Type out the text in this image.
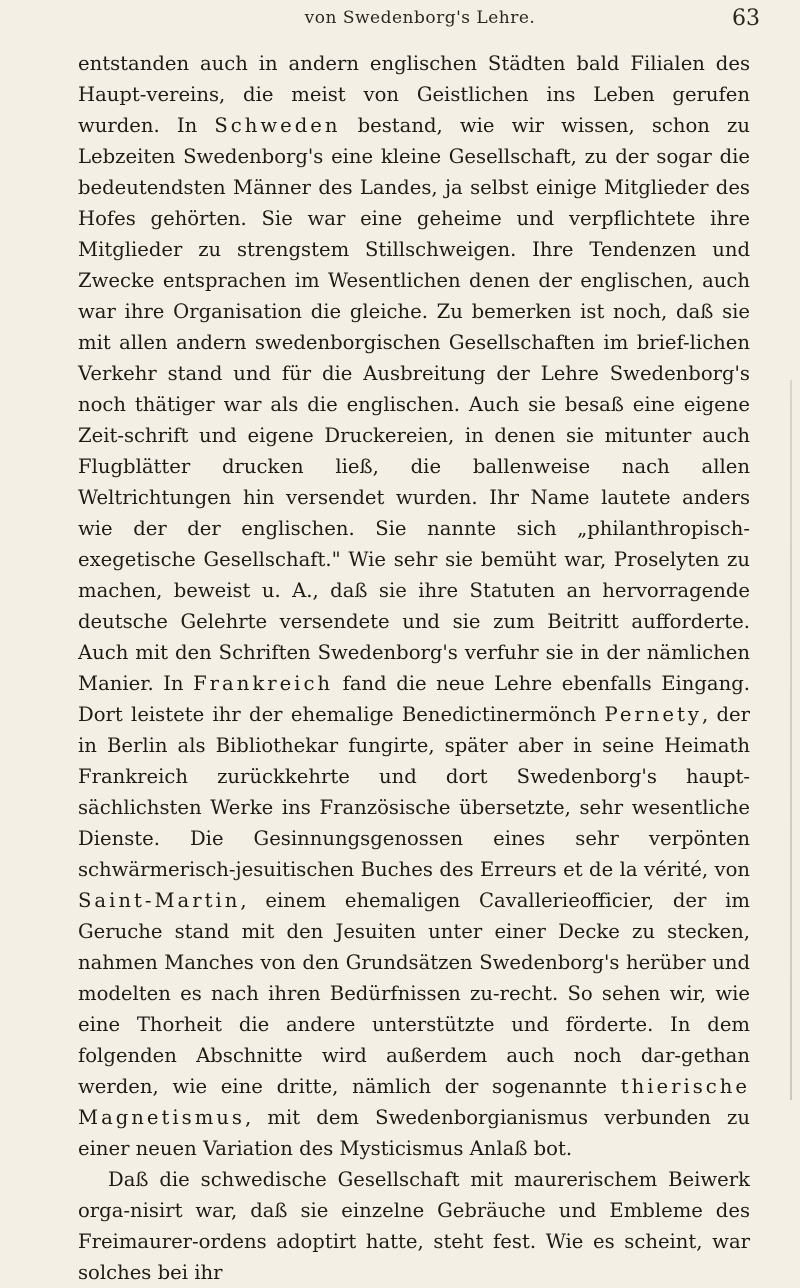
von Swedenborg's Lehre.	63

entstanden auch in andern englischen Städten bald Filialen des Haupt-vereins, die meist von Geistlichen ins Leben gerufen wurden. In Schweden bestand, wie wir wissen, schon zu Lebzeiten Swedenborg's eine kleine Gesellschaft, zu der sogar die bedeutendsten Männer des Landes, ja selbst einige Mitglieder des Hofes gehörten. Sie war eine geheime und verpflichtete ihre Mitglieder zu strengstem Stillschweigen. Ihre Tendenzen und Zwecke entsprachen im Wesentlichen denen der englischen, auch war ihre Organisation die gleiche. Zu bemerken ist noch, daß sie mit allen andern swedenborgischen Gesellschaften im brief-lichen Verkehr stand und für die Ausbreitung der Lehre Swedenborg's noch thätiger war als die englischen. Auch sie besaß eine eigene Zeit-schrift und eigene Druckereien, in denen sie mitunter auch Flugblätter drucken ließ, die ballenweise nach allen Weltrichtungen hin versendet wurden. Ihr Name lautete anders wie der der englischen. Sie nannte sich „philanthropisch-exegetische Gesellschaft." Wie sehr sie bemüht war, Proselyten zu machen, beweist u. A., daß sie ihre Statuten an hervorragende deutsche Gelehrte versendete und sie zum Beitritt aufforderte. Auch mit den Schriften Swedenborg's verfuhr sie in der nämlichen Manier. In Frankreich fand die neue Lehre ebenfalls Eingang. Dort leistete ihr der ehemalige Benedictinermönch Pernety, der in Berlin als Bibliothekar fungirte, später aber in seine Heimath Frankreich zurückkehrte und dort Swedenborg's haupt-sächlichsten Werke ins Französische übersetzte, sehr wesentliche Dienste. Die Gesinnungsgenossen eines sehr verpönten schwärmerisch-jesuitischen Buches des Erreurs et de la vérité, von Saint-Martin, einem ehemaligen Cavallerieofficier, der im Geruche stand mit den Jesuiten unter einer Decke zu stecken, nahmen Manches von den Grundsätzen Swedenborg's herüber und modelten es nach ihren Bedürfnissen zu-recht. So sehen wir, wie eine Thorheit die andere unterstützte und förderte. In dem folgenden Abschnitte wird außerdem auch noch dar-gethan werden, wie eine dritte, nämlich der sogenannte thierische Magnetismus, mit dem Swedenborgianismus verbunden zu einer neuen Variation des Mysticismus Anlaß bot.

Daß die schwedische Gesellschaft mit maurerischem Beiwerk orga-nisirt war, daß sie einzelne Gebräuche und Embleme des Freimaurer-ordens adoptirt hatte, steht fest. Wie es scheint, war solches bei ihr
